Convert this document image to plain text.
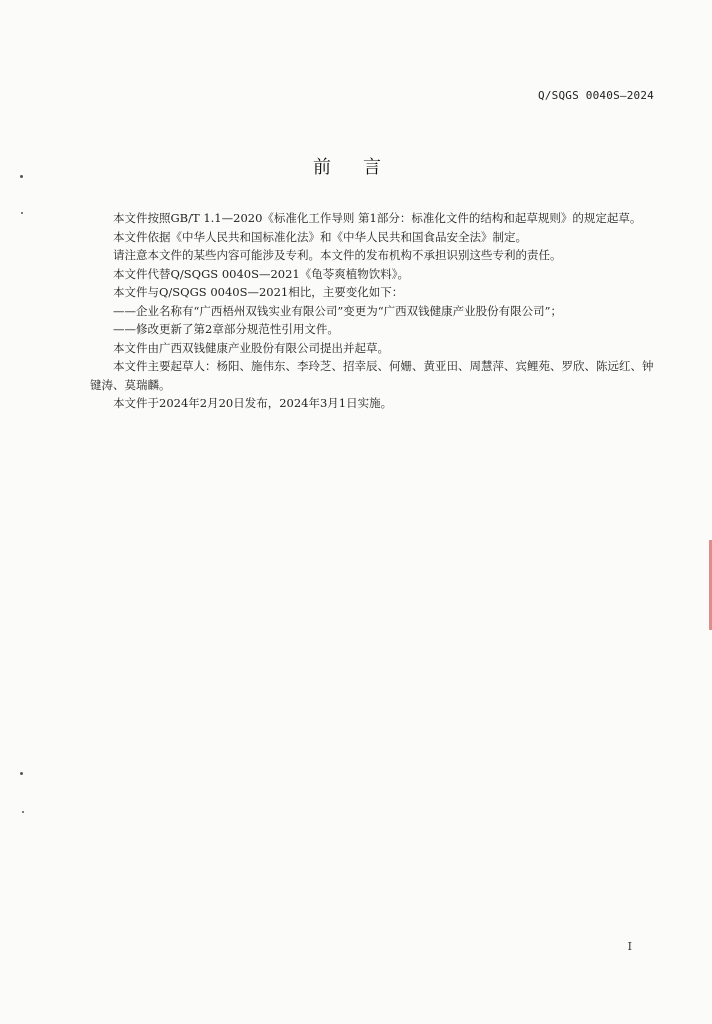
Q/SQGS 0040S—2024
前言

本文件按照GB/T 1.1—2020《标准化工作导则 第1部分：标准化文件的结构和起草规则》的规定起草。

本文件依据《中华人民共和国标准化法》和《中华人民共和国食品安全法》制定。

请注意本文件的某些内容可能涉及专利。本文件的发布机构不承担识别这些专利的责任。

本文件代替Q/SQGS 0040S—2021《龟苓爽植物饮料》。

本文件与Q/SQGS 0040S—2021相比，主要变化如下：

——企业名称有“广西梧州双钱实业有限公司”变更为“广西双钱健康产业股份有限公司”；

——修改更新了第2章部分规范性引用文件。

本文件由广西双钱健康产业股份有限公司提出并起草。

本文件主要起草人：杨阳、施伟东、李玲芝、招幸辰、何姗、黄亚田、周慧萍、宾鲤苑、罗欣、陈远红、钟键涛、莫瑞麟。

本文件于2024年2月20日发布，2024年3月1日实施。

I
